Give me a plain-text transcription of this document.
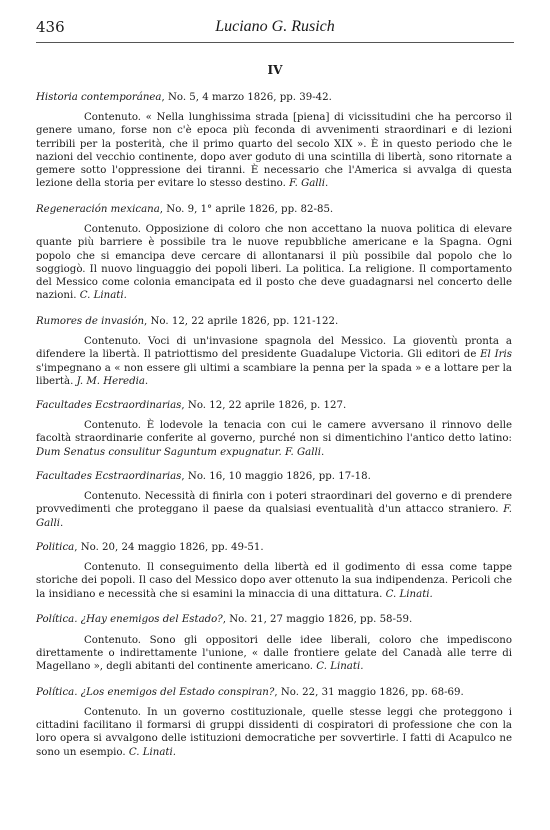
436	Luciano G. Rusich
IV
Historia contemporánea, No. 5, 4 marzo 1826, pp. 39-42.
Contenuto. « Nella lunghissima strada [piena] di vicissitudini che ha percorso il genere umano, forse non c'è epoca più feconda di avvenimenti straordinari e di lezioni terribili per la posterità, che il primo quarto del secolo XIX ». È in questo periodo che le nazioni del vecchio continente, dopo aver goduto di una scintilla di libertà, sono ritornate a gemere sotto l'oppressione dei tiranni. È necessario che l'America si avvalga di questa lezione della storia per evitare lo stesso destino. F. Galli.
Regeneración mexicana, No. 9, 1° aprile 1826, pp. 82-85.
Contenuto. Opposizione di coloro che non accettano la nuova politica di elevare quante più barriere è possibile tra le nuove repubbliche americane e la Spagna. Ogni popolo che si emancipa deve cercare di allontanarsi il più possibile dal popolo che lo soggiogò. Il nuovo linguaggio dei popoli liberi. La politica. La religione. Il comportamento del Messico come colonia emancipata ed il posto che deve guadagnarsi nel concerto delle nazioni. C. Linati.
Rumores de invasión, No. 12, 22 aprile 1826, pp. 121-122.
Contenuto. Voci di un'invasione spagnola del Messico. La gioventù pronta a difendere la libertà. Il patriottismo del presidente Guadalupe Victoria. Gli editori de El Iris s'impegnano a « non essere gli ultimi a scambiare la penna per la spada » e a lottare per la libertà. J. M. Heredia.
Facultades Ecstraordinarias, No. 12, 22 aprile 1826, p. 127.
Contenuto. È lodevole la tenacia con cui le camere avversano il rinnovo delle facoltà straordinarie conferite al governo, purché non si dimentichino l'antico detto latino: Dum Senatus consulitur Saguntum expugnatur. F. Galli.
Facultades Ecstraordinarias, No. 16, 10 maggio 1826, pp. 17-18.
Contenuto. Necessità di finirla con i poteri straordinari del governo e di prendere provvedimenti che proteggano il paese da qualsiasi eventualità d'un attacco straniero. F. Galli.
Politica, No. 20, 24 maggio 1826, pp. 49-51.
Contenuto. Il conseguimento della libertà ed il godimento di essa come tappe storiche dei popoli. Il caso del Messico dopo aver ottenuto la sua indipendenza. Pericoli che la insidiano e necessità che si esamini la minaccia di una dittatura. C. Linati.
Política. ¿Hay enemigos del Estado?, No. 21, 27 maggio 1826, pp. 58-59.
Contenuto. Sono gli oppositori delle idee liberali, coloro che impediscono direttamente o indirettamente l'unione, « dalle frontiere gelate del Canadà alle terre di Magellano », degli abitanti del continente americano. C. Linati.
Política. ¿Los enemigos del Estado conspiran?, No. 22, 31 maggio 1826, pp. 68-69.
Contenuto. In un governo costituzionale, quelle stesse leggi che proteggono i cittadini facilitano il formarsi di gruppi dissidenti di cospiratori di professione che con la loro opera si avvalgono delle istituzioni democratiche per sovvertirle. I fatti di Acapulco ne sono un esempio. C. Linati.
